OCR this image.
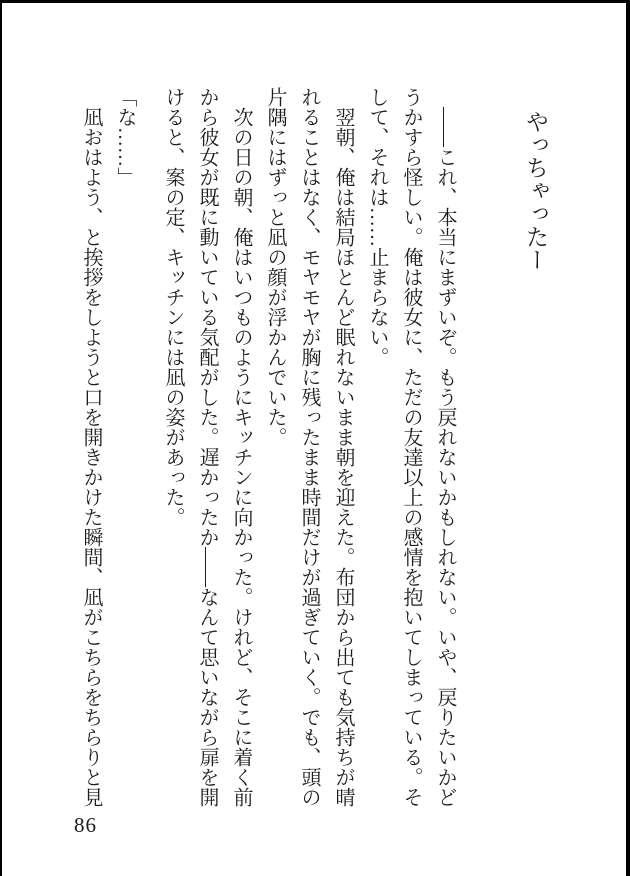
やっちゃったー

――これ、本当にまずいぞ。もう戻れないかもしれない。いや、戻りたいかど

うかすら怪しい。俺は彼女に、ただの友達以上の感情を抱いてしまっている。そ

して、それは……止まらない。

翌朝、俺は結局ほとんど眠れないまま朝を迎えた。布団から出ても気持ちが晴

れることはなく、モヤモヤが胸に残ったまま時間だけが過ぎていく。でも、頭の

片隅にはずっと凪の顔が浮かんでいた。

次の日の朝、俺はいつものようにキッチンに向かった。けれど、そこに着く前

から彼女が既に動いている気配がした。遅かったか――なんて思いながら扉を開

けると、案の定、キッチンには凪の姿があった。

「な……」

凪おはよう、と挨拶をしようと口を開きかけた瞬間、凪がこちらをちらりと見

86
